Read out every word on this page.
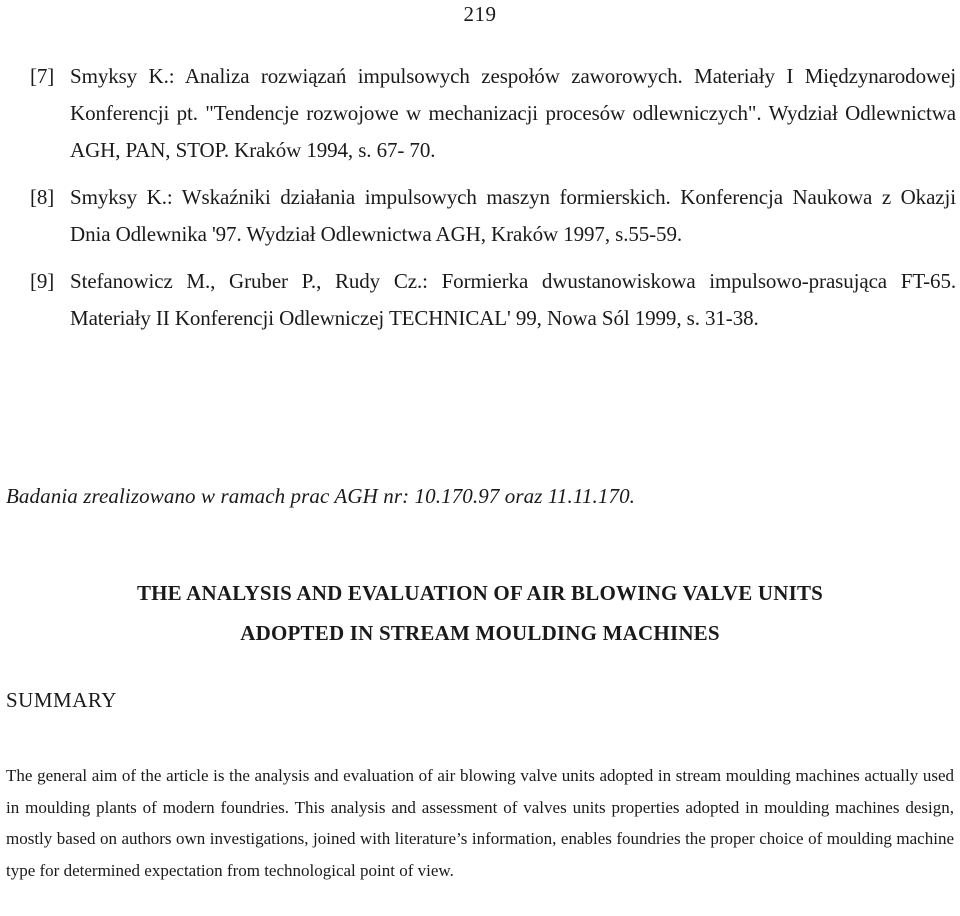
219

[7] Smyksy K.: Analiza rozwiązań impulsowych zespołów zaworowych. Materiały I Międzynarodowej Konferencji pt. "Tendencje rozwojowe w mechanizacji procesów odlewniczych". Wydział Odlewnictwa AGH, PAN, STOP. Kraków 1994, s. 67- 70.

[8] Smyksy K.: Wskaźniki działania impulsowych maszyn formierskich. Konferencja Naukowa z Okazji Dnia Odlewnika '97. Wydział Odlewnictwa AGH, Kraków 1997, s.55-59.

[9] Stefanowicz M., Gruber P., Rudy Cz.: Formierka dwustanowiskowa impulsowo-prasująca FT-65. Materiały II Konferencji Odlewniczej TECHNICAL' 99, Nowa Sól 1999, s. 31-38.

Badania zrealizowano w ramach prac AGH nr: 10.170.97 oraz 11.11.170.
THE ANALYSIS AND EVALUATION OF AIR BLOWING VALVE UNITS
ADOPTED IN STREAM MOULDING MACHINES
SUMMARY

The general aim of the article is the analysis and evaluation of air blowing valve units adopted in stream moulding machines actually used in moulding plants of modern foundries. This analysis and assessment of valves units properties adopted in moulding machines design, mostly based on authors own investigations, joined with literature’s information, enables foundries the proper choice of moulding machine type for determined expectation from technological point of view.
